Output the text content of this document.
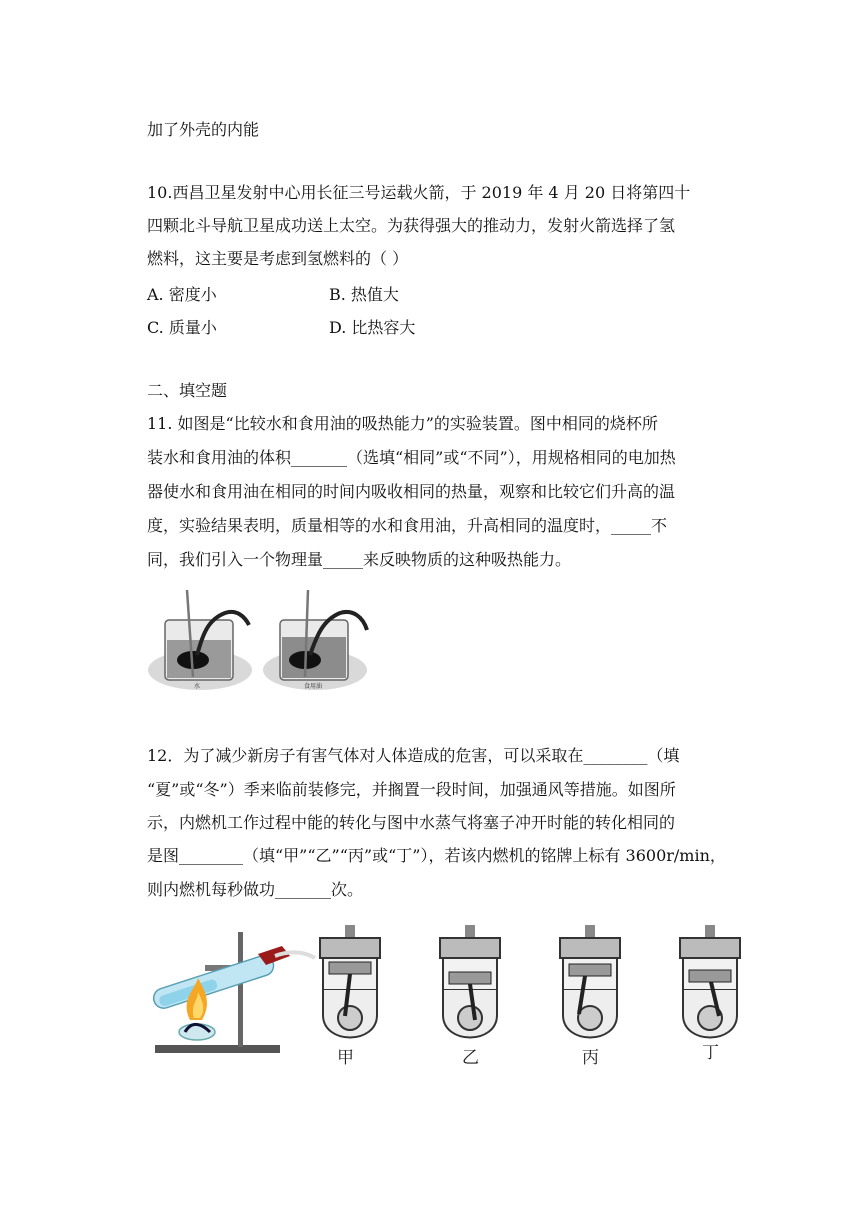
加了外壳的内能
10.西昌卫星发射中心用长征三号运载火箭，于 2019 年 4 月 20 日将第四十
四颗北斗导航卫星成功送上太空。为获得强大的推动力，发射火箭选择了氢
燃料，这主要是考虑到氢燃料的（ ）
A. 密度小	B. 热值大
C. 质量小	D. 比热容大
二、填空题
11. 如图是“比较水和食用油的吸热能力”的实验装置。图中相同的烧杯所
装水和食用油的体积_______（选填“相同”或“不同”），用规格相同的电加热
器使水和食用油在相同的时间内吸收相同的热量，观察和比较它们升高的温
度，实验结果表明，质量相等的水和食用油，升高相同的温度时，_____不
同，我们引入一个物理量_____来反映物质的这种吸热能力。
水	食用油
12．为了减少新房子有害气体对人体造成的危害，可以采取在________（填
“夏”或“冬”）季来临前装修完，并搁置一段时间，加强通风等措施。如图所
示，内燃机工作过程中能的转化与图中水蒸气将塞子冲开时能的转化相同的
是图________（填“甲”“乙”“丙”或“丁”），若该内燃机的铭牌上标有 3600r/min，
则内燃机每秒做功_______次。
甲	乙	丙	丁
